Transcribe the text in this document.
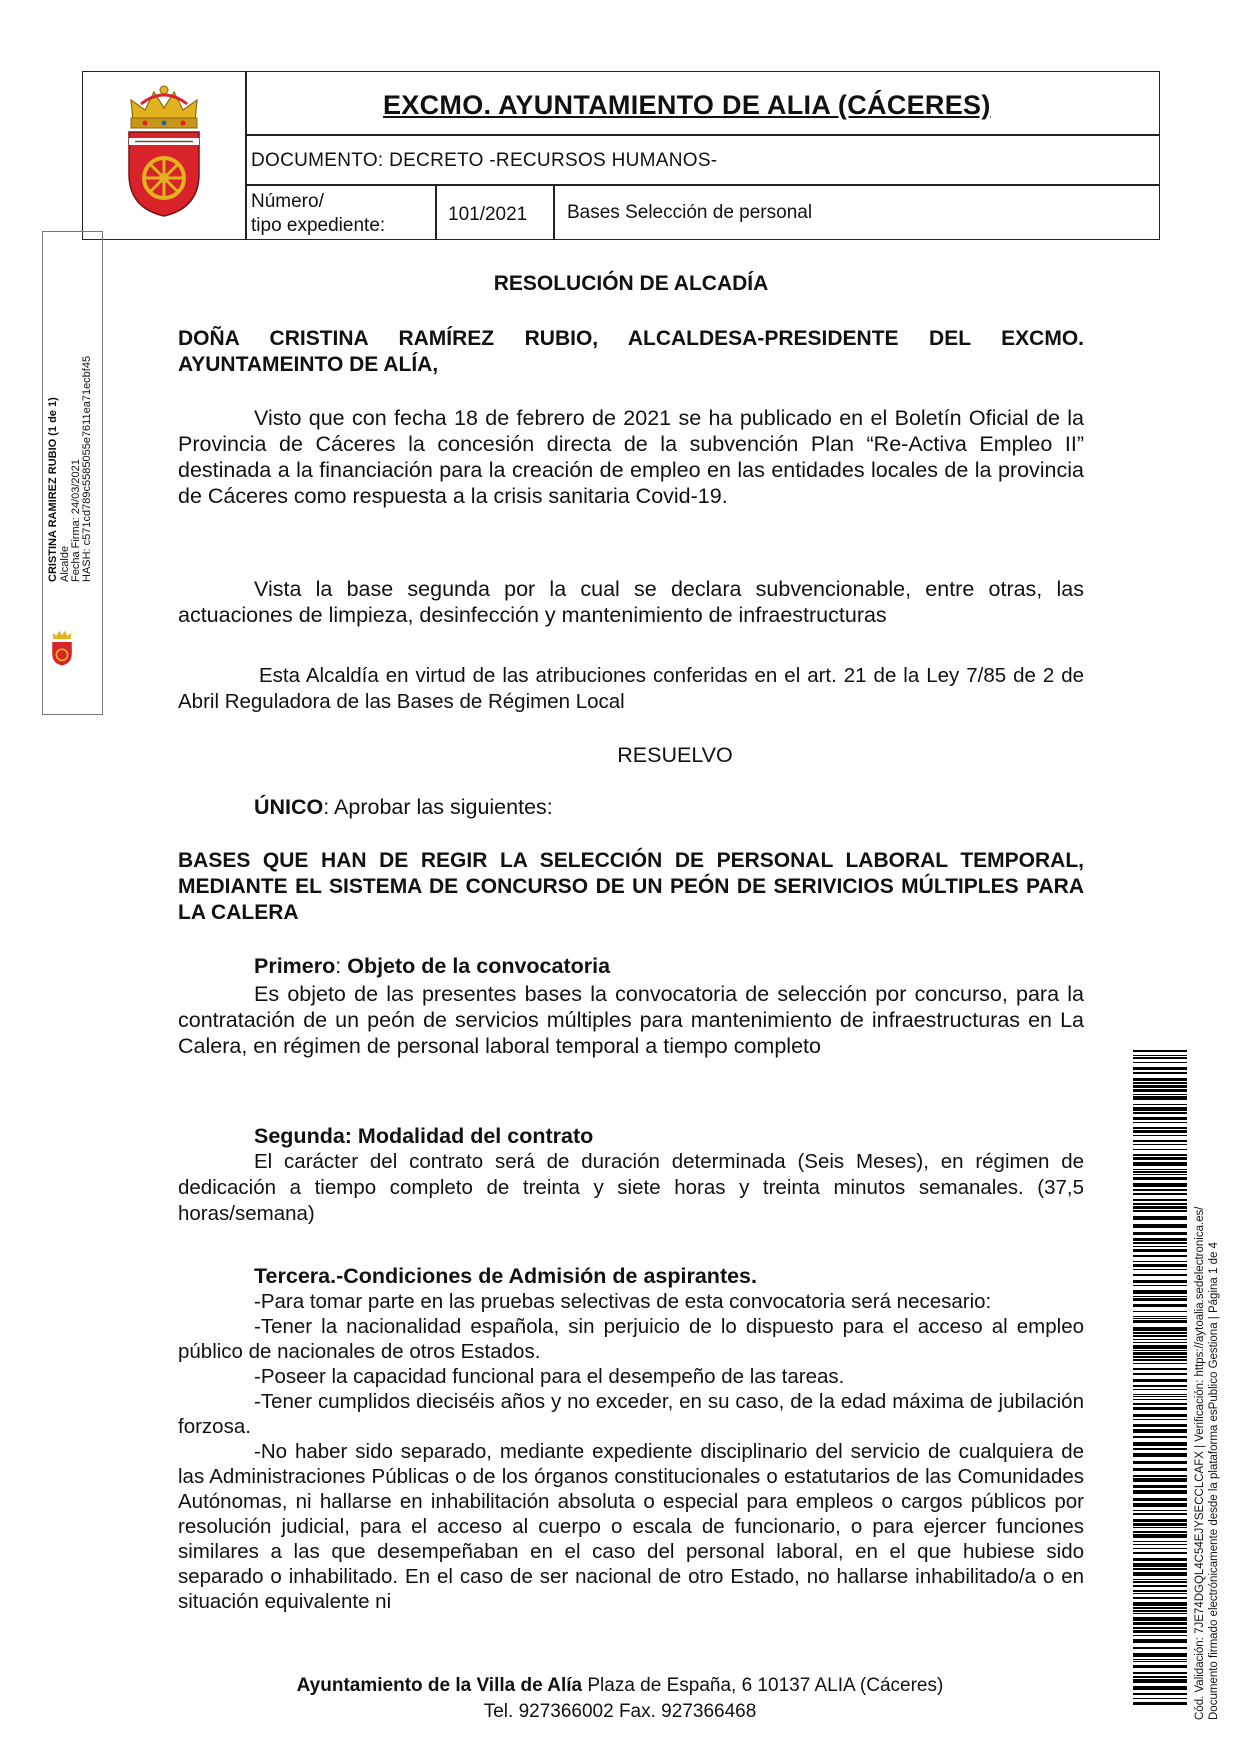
EXCMO. AYUNTAMIENTO DE ALIA (CÁCERES)
DOCUMENTO: DECRETO -RECURSOS HUMANOS-
Número/
tipo expediente:
101/2021 Bases Selección de personal
CRISTINA RAMIREZ RUBIO (1 de 1) Alcalde Fecha Firma: 24/03/2021 HASH: c571cd789c5585055e7611ea71ecbf45
RESOLUCIÓN DE ALCADÍA
DOÑA CRISTINA RAMÍREZ RUBIO, ALCALDESA-PRESIDENTE DEL EXCMO. AYUNTAMEINTO DE ALÍA,
Visto que con fecha 18 de febrero de 2021 se ha publicado en el Boletín Oficial de la Provincia de Cáceres la concesión directa de la subvención Plan “Re-Activa Empleo II” destinada a la financiación para la creación de empleo en las entidades locales de la provincia de Cáceres como respuesta a la crisis sanitaria Covid-19.
Vista la base segunda por la cual se declara subvencionable, entre otras, las actuaciones de limpieza, desinfección y mantenimiento de infraestructuras
Esta Alcaldía en virtud de las atribuciones conferidas en el art. 21 de la Ley 7/85 de 2 de Abril Reguladora de las Bases de Régimen Local
RESUELVO
ÚNICO: Aprobar las siguientes:
BASES QUE HAN DE REGIR LA SELECCIÓN DE PERSONAL LABORAL TEMPORAL, MEDIANTE EL SISTEMA DE CONCURSO DE UN PEÓN DE SERIVICIOS MÚLTIPLES PARA LA CALERA
Primero: Objeto de la convocatoria
Es objeto de las presentes bases la convocatoria de selección por concurso, para la contratación de un peón de servicios múltiples para mantenimiento de infraestructuras en La Calera, en régimen de personal laboral temporal a tiempo completo
Segunda: Modalidad del contrato
El carácter del contrato será de duración determinada (Seis Meses), en régimen de dedicación a tiempo completo de treinta y siete horas y treinta minutos semanales. (37,5 horas/semana)
Tercera.-Condiciones de Admisión de aspirantes.
-Para tomar parte en las pruebas selectivas de esta convocatoria será necesario:
-Tener la nacionalidad española, sin perjuicio de lo dispuesto para el acceso al empleo público de nacionales de otros Estados.
-Poseer la capacidad funcional para el desempeño de las tareas.
-Tener cumplidos dieciséis años y no exceder, en su caso, de la edad máxima de jubilación forzosa.
-No haber sido separado, mediante expediente disciplinario del servicio de cualquiera de las Administraciones Públicas o de los órganos constitucionales o estatutarios de las Comunidades Autónomas, ni hallarse en inhabilitación absoluta o especial para empleos o cargos públicos por resolución judicial, para el acceso al cuerpo o escala de funcionario, o para ejercer funciones similares a las que desempeñaban en el caso del personal laboral, en el que hubiese sido separado o inhabilitado. En el caso de ser nacional de otro Estado, no hallarse inhabilitado/a o en situación equivalente ni
Ayuntamiento de la Villa de Alía Plaza de España, 6 10137 ALIA (Cáceres)
Tel. 927366002 Fax. 927366468	Cód. Validación: 7JE74DGQL4C54EJYSECCLCAFX | Verificación: https://aytoalia.sedelectronica.es/ Documento firmado electrónicamente desde la plataforma esPublico Gestiona | Página 1 de 4
